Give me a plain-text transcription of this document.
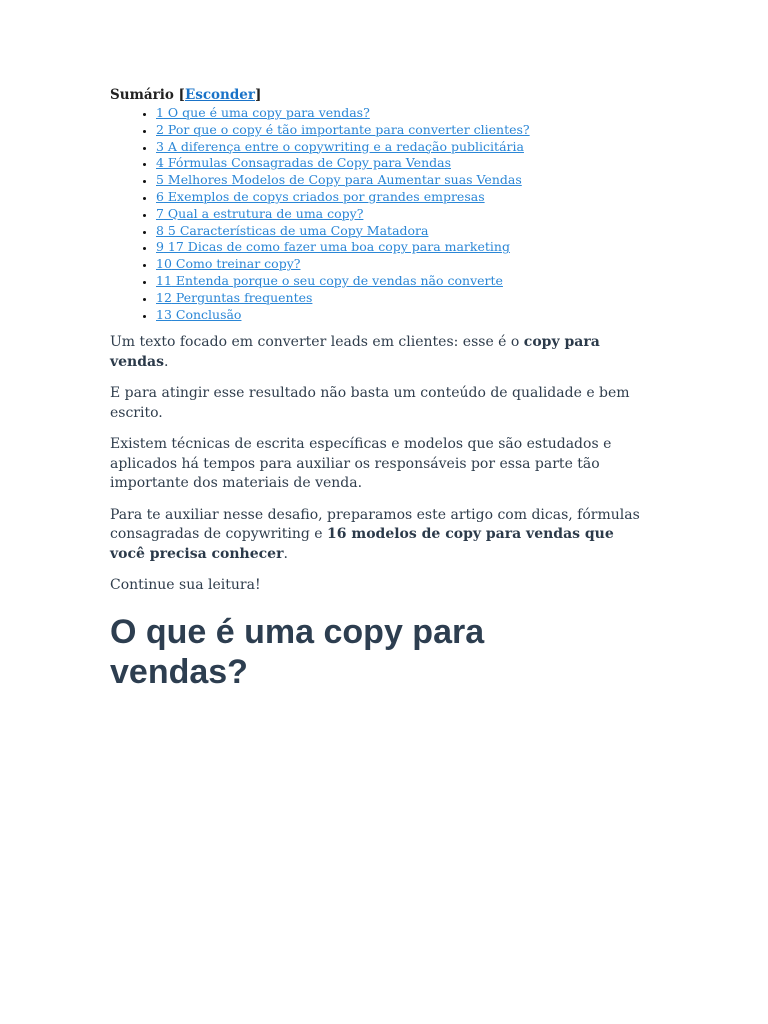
Sumário [Esconder]
• 1 O que é uma copy para vendas?
• 2 Por que o copy é tão importante para converter clientes?
• 3 A diferença entre o copywriting e a redação publicitária
• 4 Fórmulas Consagradas de Copy para Vendas
• 5 Melhores Modelos de Copy para Aumentar suas Vendas
• 6 Exemplos de copys criados por grandes empresas
• 7 Qual a estrutura de uma copy?
• 8 5 Características de uma Copy Matadora
• 9 17 Dicas de como fazer uma boa copy para marketing
• 10 Como treinar copy?
• 11 Entenda porque o seu copy de vendas não converte
• 12 Perguntas frequentes
• 13 Conclusão

Um texto focado em converter leads em clientes: esse é o copy para vendas.

E para atingir esse resultado não basta um conteúdo de qualidade e bem escrito.

Existem técnicas de escrita específicas e modelos que são estudados e aplicados há tempos para auxiliar os responsáveis por essa parte tão importante dos materiais de venda.

Para te auxiliar nesse desafio, preparamos este artigo com dicas, fórmulas consagradas de copywriting e 16 modelos de copy para vendas que você precisa conhecer.

Continue sua leitura!

O que é uma copy para vendas?
